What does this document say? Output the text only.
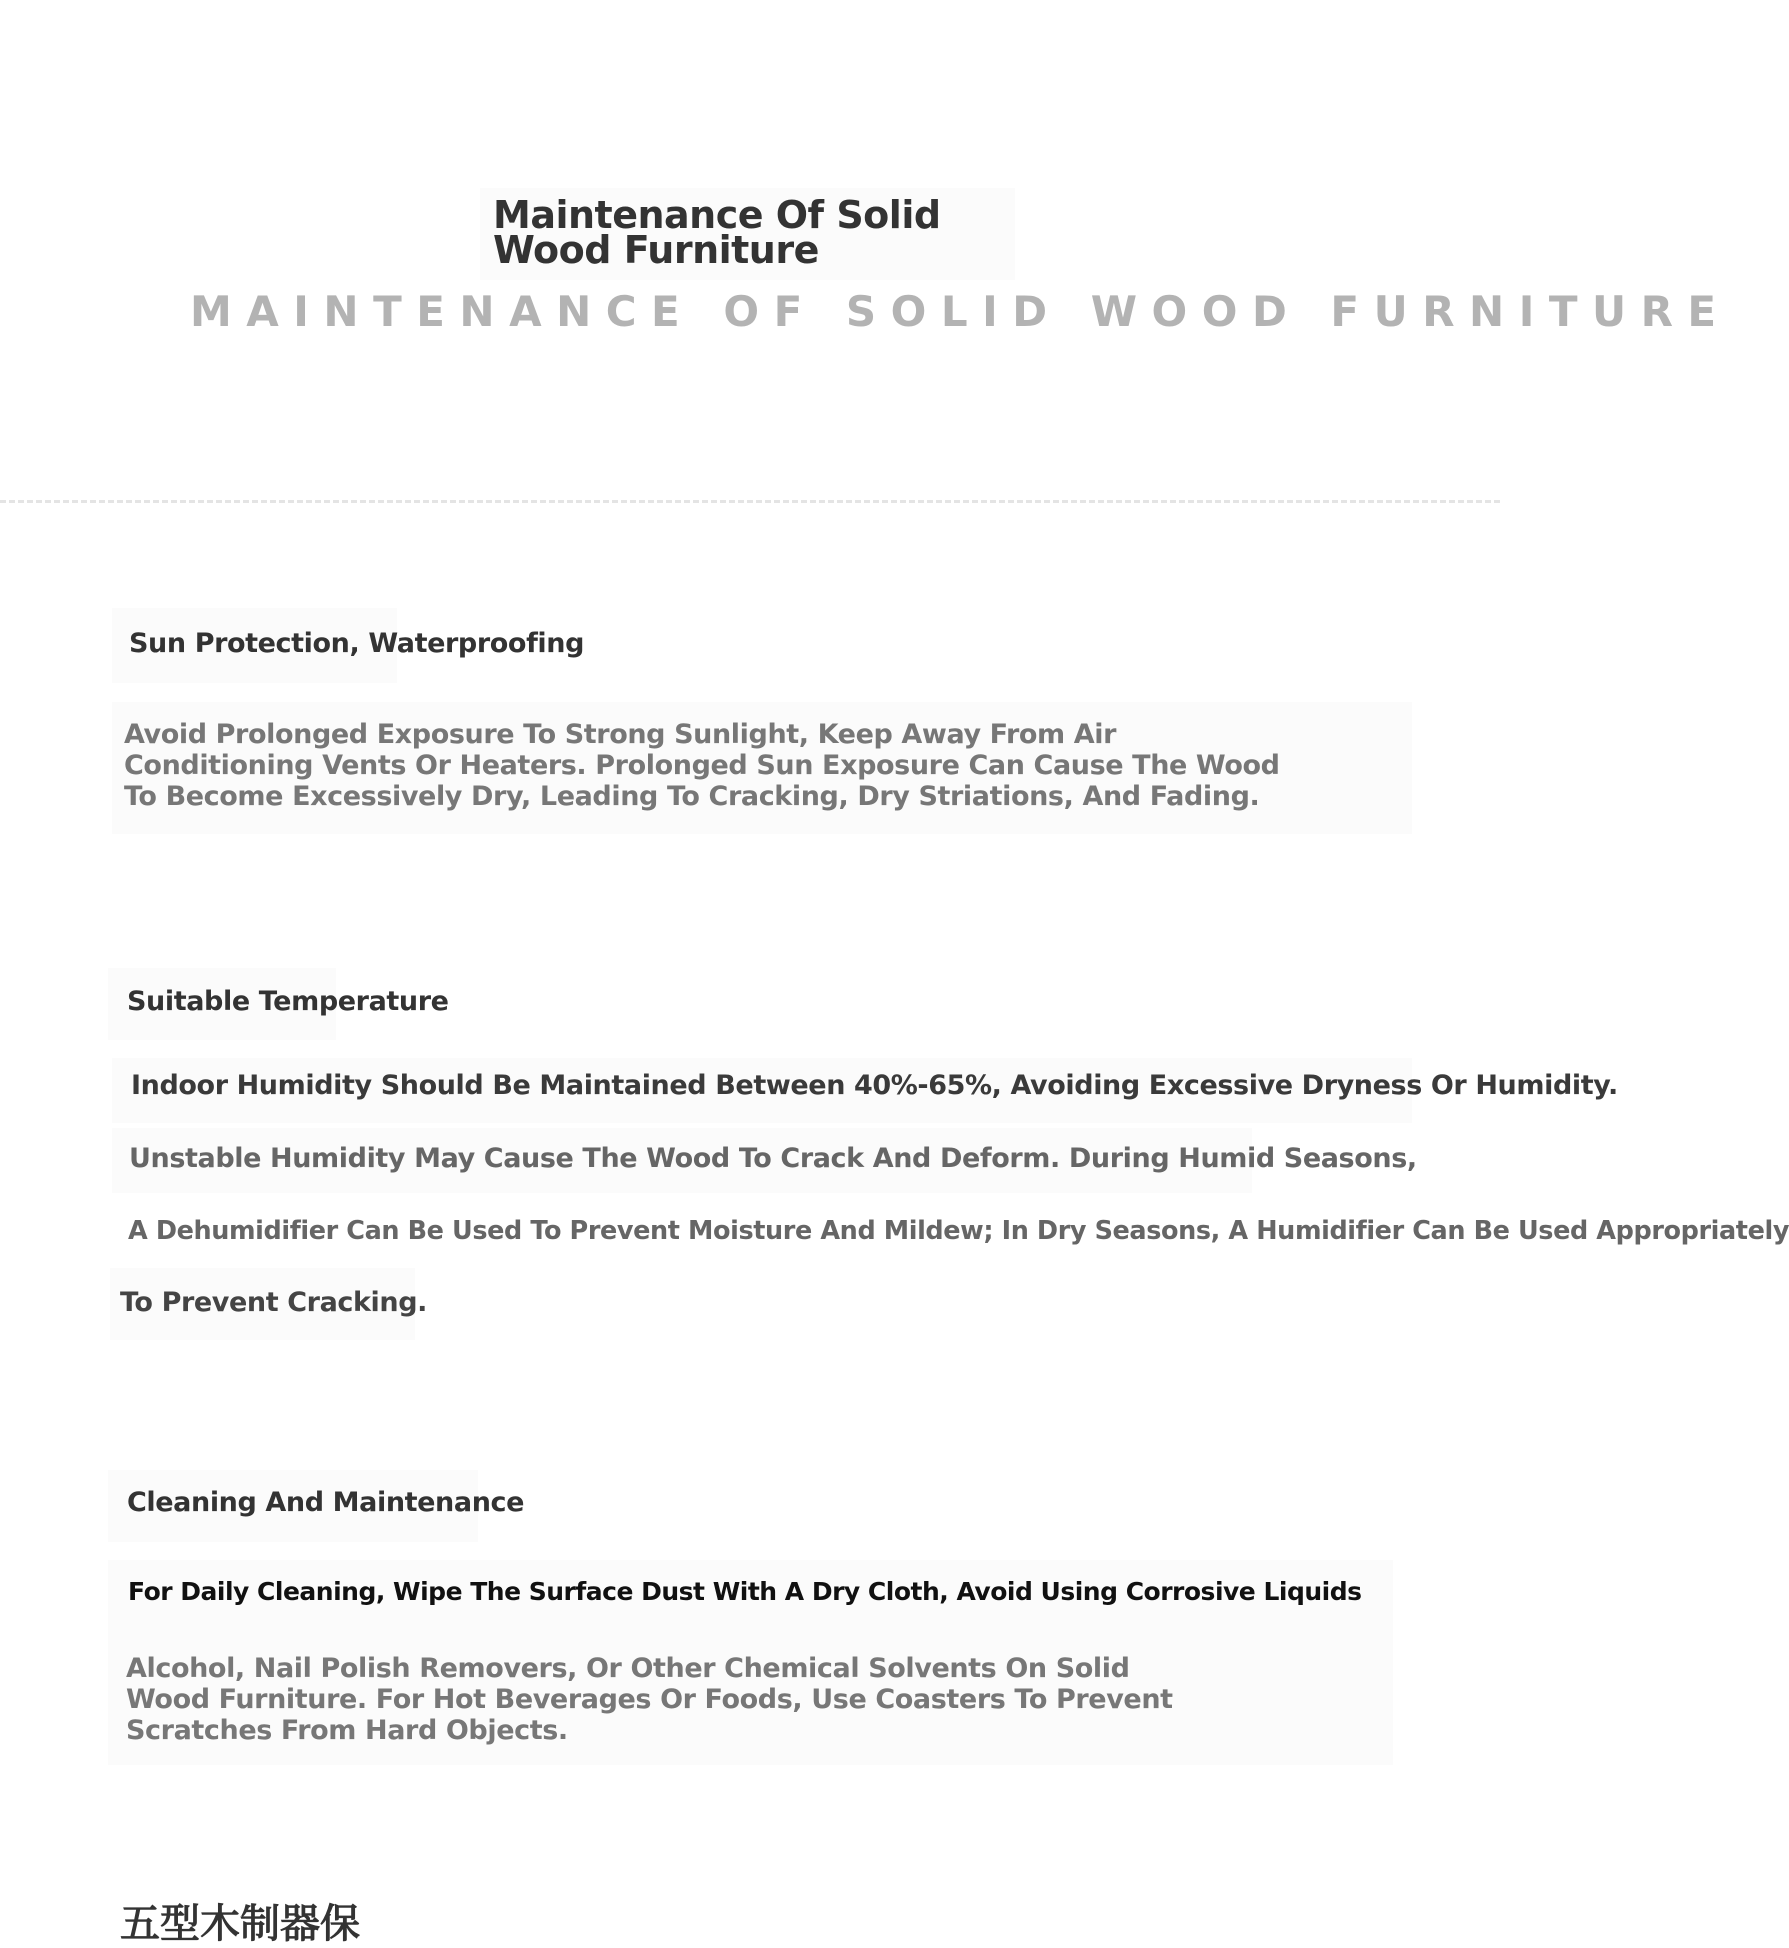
Maintenance Of Solid Wood Furniture
MAINTENANCE OF SOLID WOOD FURNITURE
Sun Protection, Waterproofing
Avoid Prolonged Exposure To Strong Sunlight, Keep Away From Air
Conditioning Vents Or Heaters. Prolonged Sun Exposure Can Cause The Wood
To Become Excessively Dry, Leading To Cracking, Dry Striations, And Fading.
Suitable Temperature
Indoor Humidity Should Be Maintained Between 40%-65%, Avoiding Excessive Dryness Or Humidity.
Unstable Humidity May Cause The Wood To Crack And Deform. During Humid Seasons,
A Dehumidifier Can Be Used To Prevent Moisture And Mildew; In Dry Seasons, A Humidifier Can Be Used Appropriately
To Prevent Cracking.
Cleaning And Maintenance
For Daily Cleaning, Wipe The Surface Dust With A Dry Cloth, Avoid Using Corrosive Liquids
Alcohol, Nail Polish Removers, Or Other Chemical Solvents On Solid
Wood Furniture. For Hot Beverages Or Foods, Use Coasters To Prevent
Scratches From Hard Objects.
五型木制器保
